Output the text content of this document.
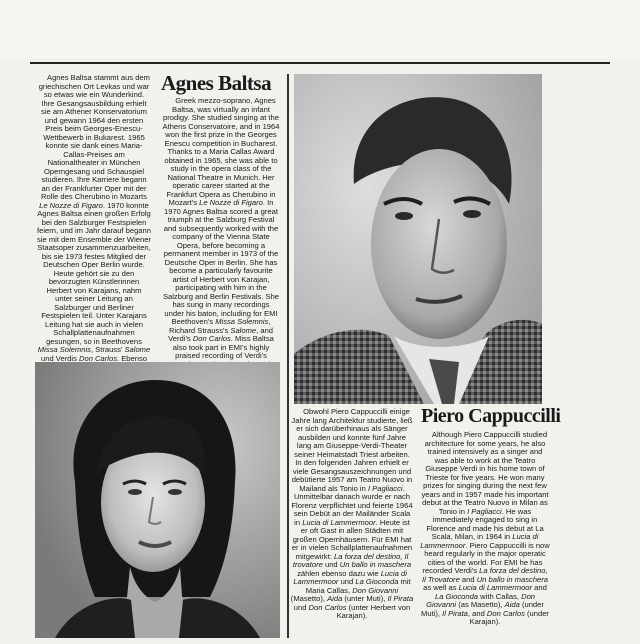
Agnes Baltsa stammt aus dem griechischen Ort Levkas und war so etwas wie ein Wunderkind. Ihre Gesangsausbildung erhielt sie am Athener Konservatorium und gewann 1964 den ersten Preis beim Georges-Enescu-Wettbewerb in Bukarest. 1965 konnte sie dank eines Maria-Callas-Preises am Nationaltheater in München Operngesang und Schauspiel studieren. Ihre Karriere begann an der Frankfurter Oper mit der Rolle des Cherubino in Mozarts Le Nozze di Figaro. 1970 konnte Agnes Baltsa einen großen Erfolg bei den Salzburger Festspielen feiern, und im Jahr darauf begann sie mit dem Ensemble der Wiener Staatsoper zusammenzuarbeiten, bis sie 1973 festes Mitglied der Deutschen Oper Berlin wurde. Heute gehört sie zu den bevorzugten Künstlerinnen Herbert von Karajans, nahm unter seiner Leitung an Salzburger und Berliner Festspielen teil. Unter Karajans Leitung hat sie auch in vielen Schallplattenaufnahmen gesungen, so in Beethovens Missa Solemnis, Strauss' Salome und Verdis Don Carlos. Ebenso

Agnes Baltsa

Greek mezzo-soprano, Agnes Baltsa, was virtually an infant prodigy. She studied singing at the Athens Conservatoire, and in 1964 won the first prize in the Georges Enescu competition in Bucharest. Thanks to a Maria Callas Award obtained in 1965, she was able to study in the opera class of the National Theatre in Munich. Her operatic career started at the Frankfurt Opera as Cherubino in Mozart's Le Nozze di Figaro. In 1970 Agnes Baltsa scored a great triumph at the Salzburg Festival and subsequently worked with the company of the Vienna State Opera, before becoming a permanent member in 1973 of the Deutsche Oper in Berlin. She has become a particularly favourite artist of Herbert von Karajan, participating with him in the Salzburg and Berlin Festivals. She has sung in many recordings under his baton, including for EMI Beethoven's Missa Solemnis, Richard Strauss's Salome, and Verdi's Don Carlos. Miss Baltsa also took part in EMI's highly praised recording of Verdi's

Obwohl Piero Cappuccilli einige Jahre lang Architektur studierte, ließ er sich darüberhinaus als Sänger ausbilden und konnte fünf Jahre lang am Giuseppe-Verdi-Theater seiner Heimatstadt Triest arbeiten. In den folgenden Jahren erhielt er viele Gesangsauszeichnungen und debütierte 1957 am Teatro Nuovo in Mailand als Tonio in I Pagliacci. Unmittelbar danach wurde er nach Florenz verpflichtet und feierte 1964 sein Debüt an der Mailänder Scala in Lucia di Lammermoor. Heute ist er oft Gast in allen Städten mit großen Opernhäusern. Für EMI hat er in vielen Schallplattenaufnahmen mitgewirkt: La forza del destino, Il trovatore und Un ballo in maschera zählen ebenso dazu wie Lucia di Lammermoor und La Gioconda mit Maria Callas, Don Giovanni (Masetto), Aida (unter Muti), Il Pirata und Don Carlos (unter Herbert von Karajan).

Piero Cappuccilli

Although Piero Cappuccilli studied architecture for some years, he also trained intensively as a singer and was able to work at the Teatro Giuseppe Verdi in his home town of Trieste for five years. He won many prizes for singing during the next few years and in 1957 made his important debut at the Teatro Nuovo in Milan as Tonio in I Pagliacci. He was immediately engaged to sing in Florence and made his debut at La Scala, Milan, in 1964 in Lucia di Lammermoor. Piero Cappuccilli is now heard regularly in the major operatic cities of the world. For EMI he has recorded Verdi's La forza del destino, Il Trovatore and Un ballo in maschera as well as Lucia di Lammermoor and La Gioconda with Callas, Don Giovanni (as Masetto), Aida (under Muti), Il Pirata, and Don Carlos (under Karajan).
